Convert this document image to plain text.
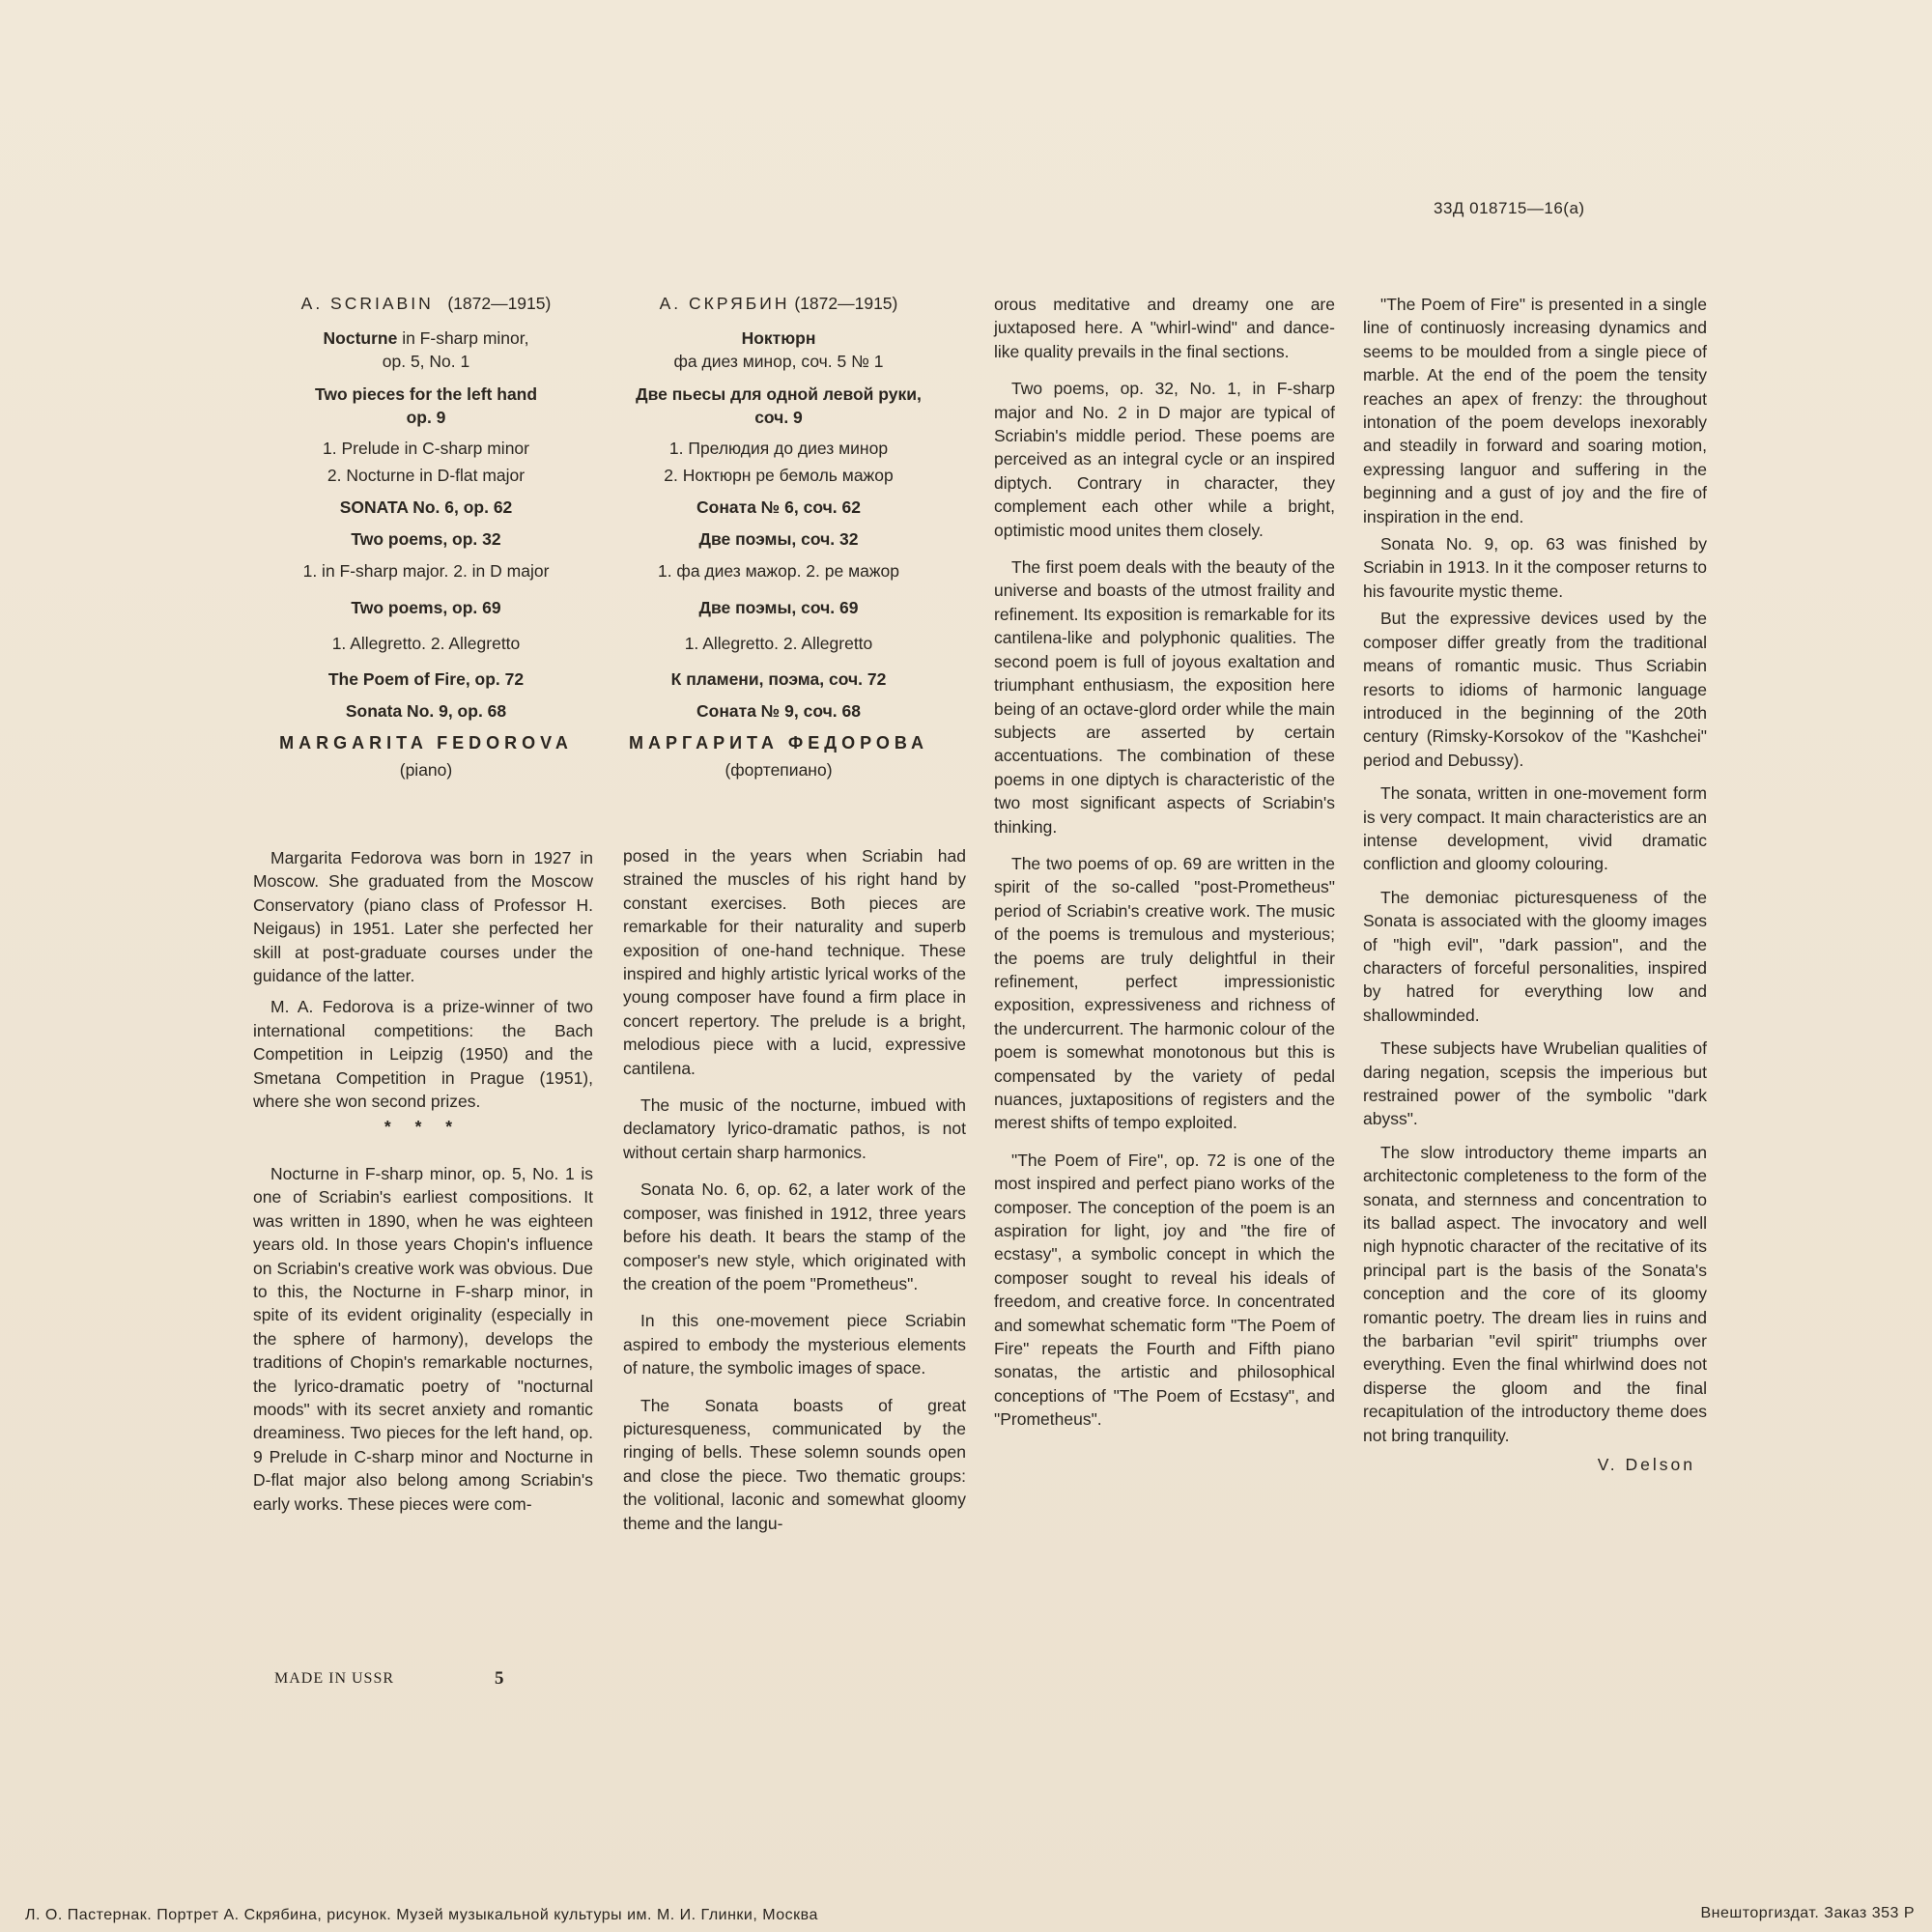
33Д 018715—16(а)
A. SCRIABIN (1872—1915)
Nocturne in F-sharp minor,
op. 5, No. 1
Two pieces for the left hand
op. 9
1. Prelude in C-sharp minor
2. Nocturne in D-flat major
SONATA No. 6, op. 62
Two poems, op. 32
1. in F-sharp major. 2. in D major
Two poems, op. 69
1. Allegretto. 2. Allegretto
The Poem of Fire, op. 72
Sonata No. 9, op. 68
MARGARITA FEDOROVA
(piano)
А. СКРЯБИН (1872—1915)
Ноктюрн
фа диез минор, соч. 5 № 1
Две пьесы для одной левой руки,
соч. 9
1. Прелюдия до диез минор
2. Ноктюрн ре бемоль мажор
Соната № 6, соч. 62
Две поэмы, соч. 32
1. фа диез мажор. 2. ре мажор
Две поэмы, соч. 69
1. Allegretto. 2. Allegretto
К пламени, поэма, соч. 72
Соната № 9, соч. 68
МАРГАРИТА ФЕДОРОВА
(фортепиано)

Margarita Fedorova was born in 1927 in Moscow. She graduated from the Moscow Conservatory (piano class of Professor H. Neigaus) in 1951. Later she perfected her skill at post-graduate courses under the guidance of the latter.

M. A. Fedorova is a prize-winner of two international competitions: the Bach Competition in Leipzig (1950) and the Smetana Competition in Prague (1951), where she won second prizes.

* * *

Nocturne in F-sharp minor, op. 5, No. 1 is one of Scriabin's earliest compositions. It was written in 1890, when he was eighteen years old. In those years Chopin's influence on Scriabin's creative work was obvious. Due to this, the Nocturne in F-sharp minor, in spite of its evident originality (especially in the sphere of harmony), develops the traditions of Chopin's remarkable nocturnes, the lyrico-dramatic poetry of "nocturnal moods" with its secret anxiety and romantic dreaminess. Two pieces for the left hand, op. 9 Prelude in C-sharp minor and Nocturne in D-flat major also belong among Scriabin's early works. These pieces were com-

posed in the years when Scriabin had strained the muscles of his right hand by constant exercises. Both pieces are remarkable for their naturality and superb exposition of one-hand technique. These inspired and highly artistic lyrical works of the young composer have found a firm place in concert repertory. The prelude is a bright, melodious piece with a lucid, expressive cantilena.

The music of the nocturne, imbued with declamatory lyrico-dramatic pathos, is not without certain sharp harmonics.

Sonata No. 6, op. 62, a later work of the composer, was finished in 1912, three years before his death. It bears the stamp of the composer's new style, which originated with the creation of the poem "Prometheus".

In this one-movement piece Scriabin aspired to embody the mysterious elements of nature, the symbolic images of space.

The Sonata boasts of great picturesqueness, communicated by the ringing of bells. These solemn sounds open and close the piece. Two thematic groups: the volitional, laconic and somewhat gloomy theme and the langu-

orous meditative and dreamy one are juxtaposed here. A "whirl-wind" and dance-like quality prevails in the final sections.

Two poems, op. 32, No. 1, in F-sharp major and No. 2 in D major are typical of Scriabin's middle period. These poems are perceived as an integral cycle or an inspired diptych. Contrary in character, they complement each other while a bright, optimistic mood unites them closely.

The first poem deals with the beauty of the universe and boasts of the utmost fraility and refinement. Its exposition is remarkable for its cantilena-like and polyphonic qualities. The second poem is full of joyous exaltation and triumphant enthusiasm, the exposition here being of an octave-glord order while the main subjects are asserted by certain accentuations. The combination of these poems in one diptych is characteristic of the two most significant aspects of Scriabin's thinking.

The two poems of op. 69 are written in the spirit of the so-called "post-Prometheus" period of Scriabin's creative work. The music of the poems is tremulous and mysterious; the poems are truly delightful in their refinement, perfect impressionistic exposition, expressiveness and richness of the undercurrent. The harmonic colour of the poem is somewhat monotonous but this is compensated by the variety of pedal nuances, juxtapositions of registers and the merest shifts of tempo exploited.

"The Poem of Fire", op. 72 is one of the most inspired and perfect piano works of the composer. The conception of the poem is an aspiration for light, joy and "the fire of ecstasy", a symbolic concept in which the composer sought to reveal his ideals of freedom, and creative force. In concentrated and somewhat schematic form "The Poem of Fire" repeats the Fourth and Fifth piano sonatas, the artistic and philosophical conceptions of "The Poem of Ecstasy", and "Prometheus".

"The Poem of Fire" is presented in a single line of continuosly increasing dynamics and seems to be moulded from a single piece of marble. At the end of the poem the tensity reaches an apex of frenzy: the throughout intonation of the poem develops inexorably and steadily in forward and soaring motion, expressing languor and suffering in the beginning and a gust of joy and the fire of inspiration in the end.

Sonata No. 9, op. 63 was finished by Scriabin in 1913. In it the composer returns to his favourite mystic theme.

But the expressive devices used by the composer differ greatly from the traditional means of romantic music. Thus Scriabin resorts to idioms of harmonic language introduced in the beginning of the 20th century (Rimsky-Korsokov of the "Kashchei" period and Debussy).

The sonata, written in one-movement form is very compact. It main characteristics are an intense development, vivid dramatic confliction and gloomy colouring.

The demoniac picturesqueness of the Sonata is associated with the gloomy images of "high evil", "dark passion", and the characters of forceful personalities, inspired by hatred for everything low and shallowminded.

These subjects have Wrubelian qualities of daring negation, scepsis the imperious but restrained power of the symbolic "dark abyss".

The slow introductory theme imparts an architectonic completeness to the form of the sonata, and sternness and concentration to its ballad aspect. The invocatory and well nigh hypnotic character of the recitative of its principal part is the basis of the Sonata's conception and the core of its gloomy romantic poetry. The dream lies in ruins and the barbarian "evil spirit" triumphs over everything. Even the final whirlwind does not disperse the gloom and the final recapitulation of the introductory theme does not bring tranquility.

V. Delson
MADE IN USSR	5
Л. О. Пастернак. Портрет А. Скрябина, рисунок. Музей музыкальной культуры им. М. И. Глинки, Москва	Внешторгиздат. Заказ 353 Р
